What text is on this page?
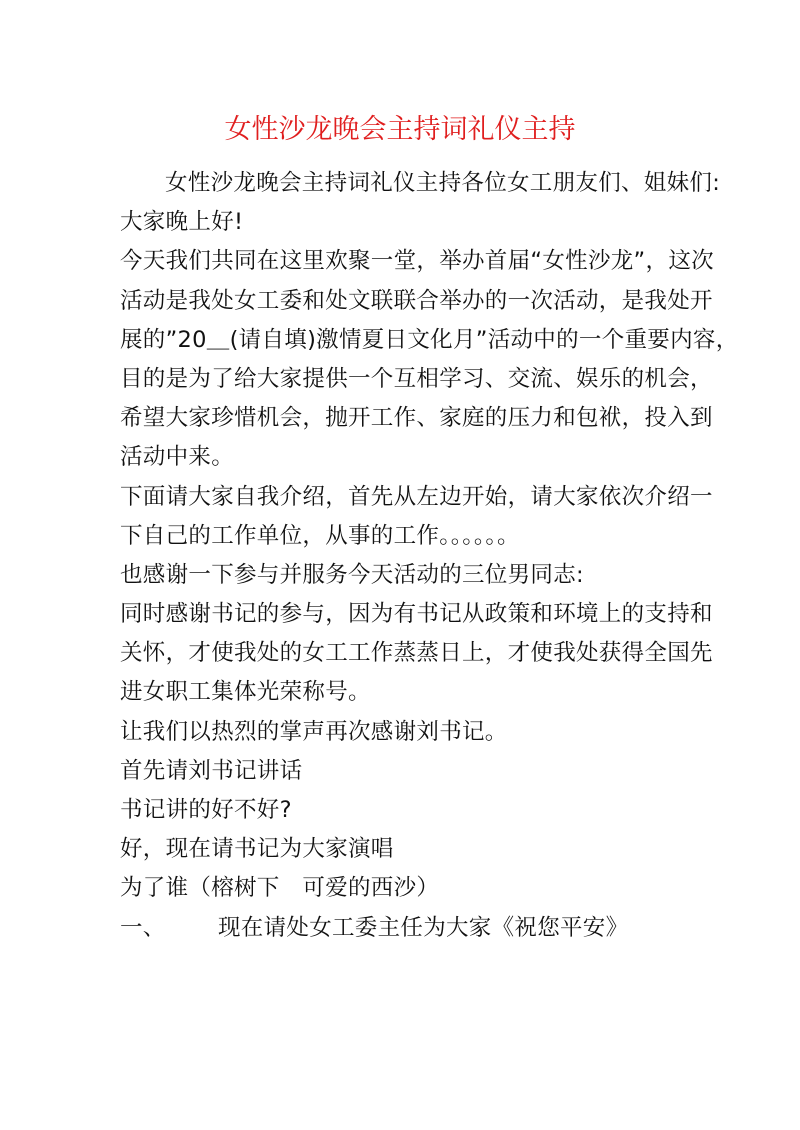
女性沙龙晚会主持词礼仪主持
女性沙龙晚会主持词礼仪主持各位女工朋友们、姐妹们:
大家晚上好!
今天我们共同在这里欢聚一堂，举办首届“女性沙龙”，这次
活动是我处女工委和处文联联合举办的一次活动，是我处开
展的”20＿(请自填)激情夏日文化月”活动中的一个重要内容，
目的是为了给大家提供一个互相学习、交流、娱乐的机会，
希望大家珍惜机会，抛开工作、家庭的压力和包袱，投入到
活动中来。
下面请大家自我介绍，首先从左边开始，请大家依次介绍一
下自己的工作单位，从事的工作。。。。。。
也感谢一下参与并服务今天活动的三位男同志:
同时感谢书记的参与，因为有书记从政策和环境上的支持和
关怀，才使我处的女工工作蒸蒸日上，才使我处获得全国先
进女职工集体光荣称号。
让我们以热烈的掌声再次感谢刘书记。
首先请刘书记讲话
书记讲的好不好?
好，现在请书记为大家演唱
为了谁（榕树下　可爱的西沙）
一、 现在请处女工委主任为大家《祝您平安》
